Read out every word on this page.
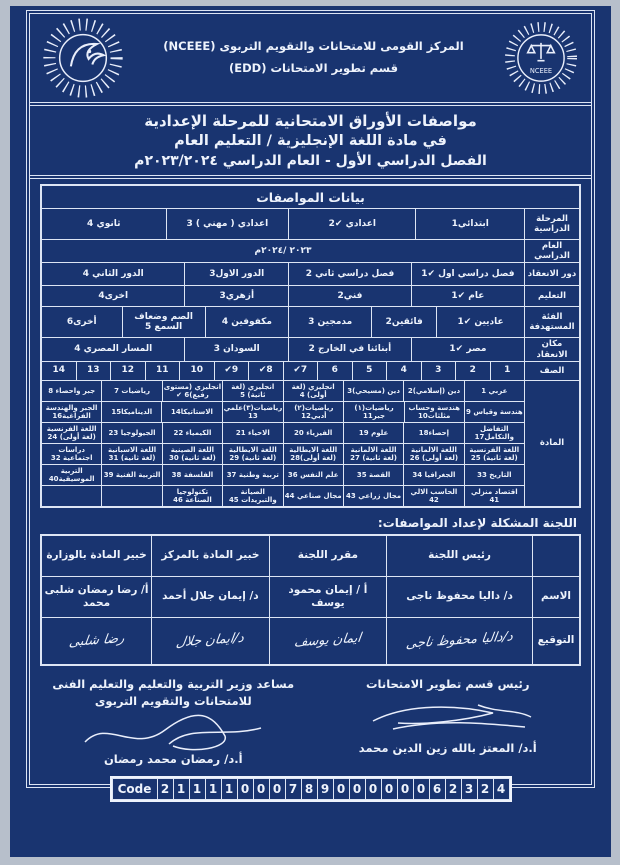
المركز القومى للامتحانات والتقويم التربوى (NCEEE)
قسم تطوير الامتحانات (EDD)	NCEEE
مواصفات الأوراق الامتحانية للمرحلة الإعدادية
في مادة اللغة الإنجليزية / التعليم العام
الفصل الدراسي الأول - العام الدراسي ٢٠٢٣/٢٠٢٤م
بيانات المواصفات
المرحلة الدراسية
ابتدائي1
اعدادي ✔2
اعدادي ( مهني ) 3
ثانوي 4
العام الدراسي
٢٠٢٣ /٢٠٢٤م
دور الانعقاد
فصل دراسي اول ✔1
فصل دراسي ثاني 2
الدور الاول3
الدور الثاني 4
التعليم
عام ✔1
فني2
أزهري3
اخرى4
الفئة المستهدفة
عاديين ✔1
فائقين2
مدمجين 3
مكفوفين 4
الصم وضعاف السمع 5
أخرى6
مكان الانعقاد
مصر ✔1
أبنائنا في الخارج 2
السودان 3
المسار المصري 4
الصف
1
2
3
4
5
6
✔7
✔8
✔9
10
11
12
13
14
المادة
عربي 1
دين (إسلامي)2
دين (مسيحي)3
انجليزي (لغة أولى) 4
انجليزي (لغة ثانية) 5
انجليزي (مستوى رفيع)6 ✔
رياضيات 7
جبر واحصاء 8
هندسة وقياس 9
هندسة وحساب مثلثات10
رياضيات(١) جبر11
رياضيات(٢) أدبي12
رياضيات(٣)علمي 13
الاستاتيكا14
الديناميكا15
الجبر والهندسة الفراغية16
التفاضل والتكامل17
إحصاء18
علوم 19
الفيزياء 20
الاحياء 21
الكيمياء 22
الجيولوجيا 23
اللغة الفرنسية (لغة أولى) 24
اللغة الفرنسية (لغة ثانية) 25
اللغة الالمانية (لغة أولى) 26
اللغة الالمانية (لغة ثانية) 27
اللغة الايطالية (لغة أولى)28
اللغة الايطالية (لغة ثانية) 29
اللغة الصينية (لغة ثانية) 30
اللغة الاسبانية (لغة ثانية) 31
دراسات اجتماعية 32
التاريخ 33
الجغرافيا 34
القصة 35
علم النفس 36
تربية وطنية 37
الفلسفة 38
التربية الفنية 39
التربية الموسيقية40
اقتصاد منزلي 41
الحاسب الالي 42
مجال زراعي 43
مجال صناعي 44
الصيانة والتبريدات 45
تكنولوجيا الصناعة 46
اللجنة المشكلة لإعداد المواصفات:
رئيس اللجنة
مقرر اللجنة
خبير المادة بالمركز
خبير المادة بالوزارة
الاسم
د/ داليا محفوظ ناجى
أ / إيمان محمود يوسف
د/ إيمان جلال أحمد
أ/ رضا رمضان شلبى محمد
التوقيع
د/داليا محفوظ ناجى
ايمان يوسف
د/ايمان جلال
رضا شلبى
رئيس قسم تطوير الامتحانات
أ.د/ المعتز بالله زين الدين محمد
مساعد وزير التربية والتعليم والتعليم الفنى
للامتحانات والتقويم التربوى
أ.د/ رمضان محمد رمضان
Code 2 1 1 1 1 0 0 0 7 8 9 0 0 0 0 0 0 6 2 3 2 4
